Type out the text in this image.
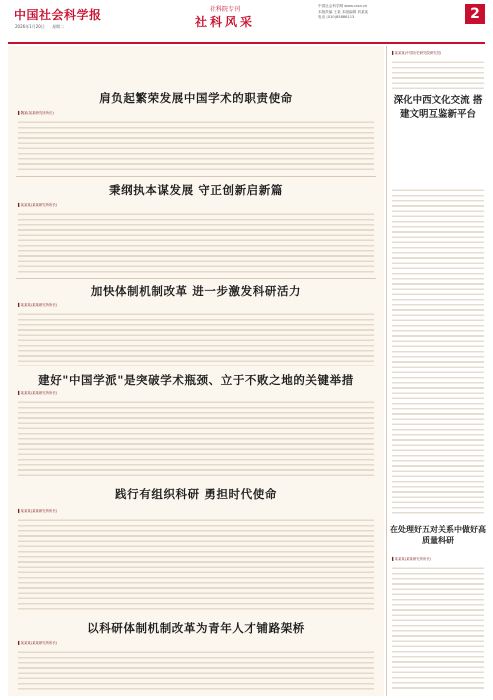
中国社会科学报
2026年1月20日 星期二
社科院专刊
社科风采
中国社会科学网 www.cssn.cn
本版责编 王某 本版编辑 刘某某
电话 (010)85886113	2
肩负起繁荣发展中国学术的职责使命
▌魏某(某某研究所所长)
秉纲执本谋发展 守正创新启新篇
▌某某某(某某研究所所长)
加快体制机制改革 进一步激发科研活力
▌某某某(某某研究所所长)
建好"中国学派"是突破学术瓶颈、立于不败之地的关键举措
▌某某某(某某研究所所长)
践行有组织科研 勇担时代使命
▌某某某(某某研究所所长)
以科研体制机制改革为青年人才铺路架桥
▌某某某(某某研究所所长)
▌某某某(中国历史研究院研究员)
深化中西文化交流 搭建文明互鉴新平台
在处理好五对关系中做好高质量科研
▌某某某(某某研究所所长)
